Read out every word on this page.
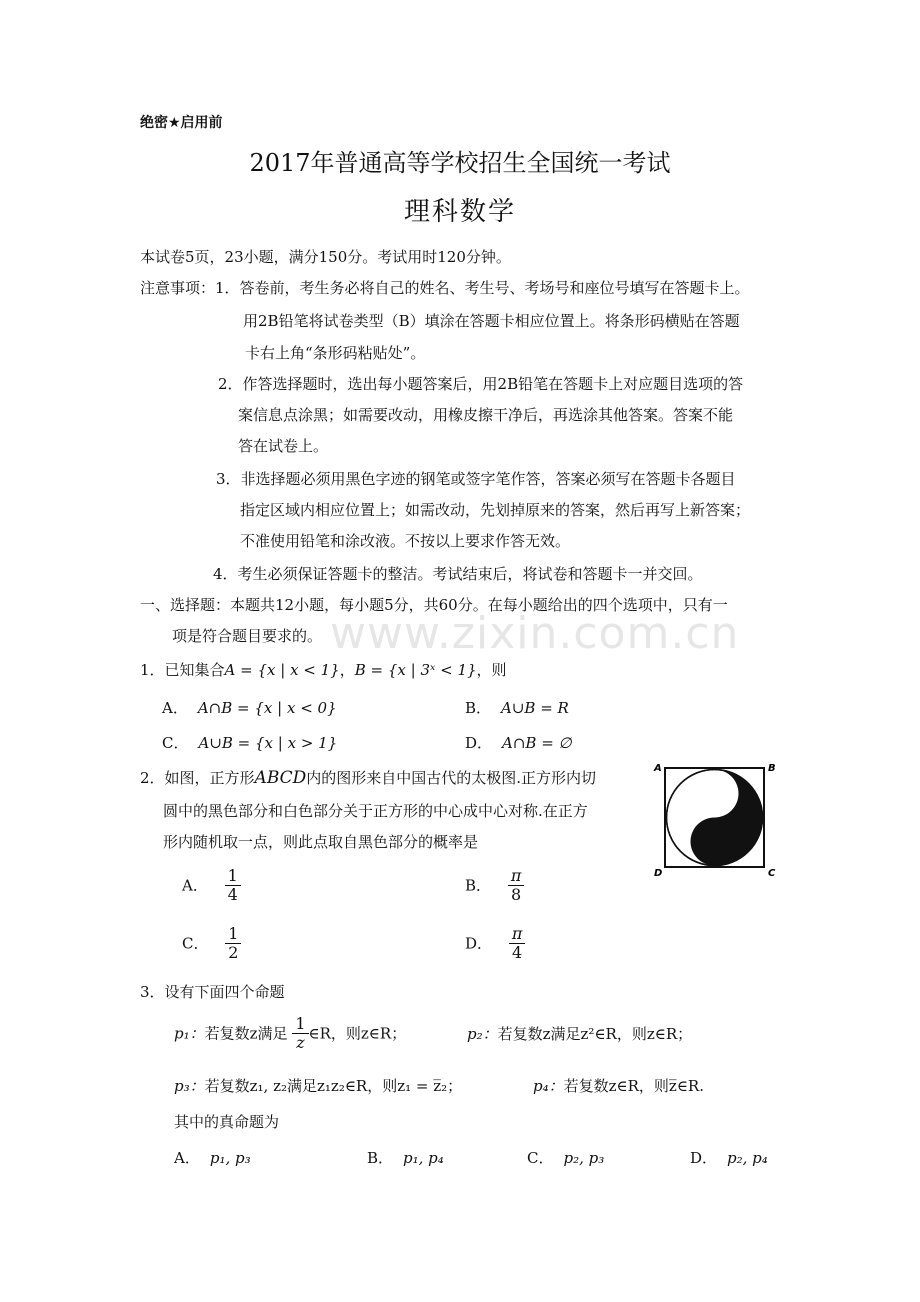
绝密★启用前
2017年普通高等学校招生全国统一考试
理科数学
本试卷5页，23小题，满分150分。考试用时120分钟。
注意事项： 1．答卷前，考生务必将自己的姓名、考生号、考场号和座位号填写在答题卡上。
用2B铅笔将试卷类型（B）填涂在答题卡相应位置上。将条形码横贴在答题
卡右上角“条形码粘贴处”。
2．作答选择题时，选出每小题答案后，用2B铅笔在答题卡上对应题目选项的答
案信息点涂黑；如需要改动，用橡皮擦干净后，再选涂其他答案。答案不能
答在试卷上。
3．非选择题必须用黑色字迹的钢笔或签字笔作答，答案必须写在答题卡各题目
指定区域内相应位置上；如需改动，先划掉原来的答案，然后再写上新答案；
不准使用铅笔和涂改液。不按以上要求作答无效。
4．考生必须保证答题卡的整洁。考试结束后，将试卷和答题卡一并交回。
一、选择题：本题共12小题，每小题5分，共60分。在每小题给出的四个选项中，只有一
项是符合题目要求的。 www.zixin.com.cn
1．已知集合A = {x | x < 1}，B = {x | 3ˣ < 1}，则
A． A∩B = {x | x < 0}	B． A∪B = R
C． A∪B = {x | x > 1}	D． A∩B = ∅
2．如图，正方形ABCD内的图形来自中国古代的太极图.正方形内切
圆中的黑色部分和白色部分关于正方形的中心成中心对称.在正方
形内随机取一点，则此点取自黑色部分的概率是
A． $\frac{1}{4}$	B． $\frac{\pi}{8}$
C． $\frac{1}{2}$	D． $\frac{\pi}{4}$
A	B
D	C
3．设有下面四个命题
p₁：若复数z满足 $\frac{1}{z}$ ∈R，则z∈R；	p₂：若复数z满足z²∈R，则z∈R；
p₃：若复数z₁, z₂满足z₁z₂∈R，则z₁ = z̅₂；	p₄：若复数z∈R，则z̅∈R.
其中的真命题为
A． p₁, p₃	B． p₁, p₄	C． p₂, p₃	D． p₂, p₄
